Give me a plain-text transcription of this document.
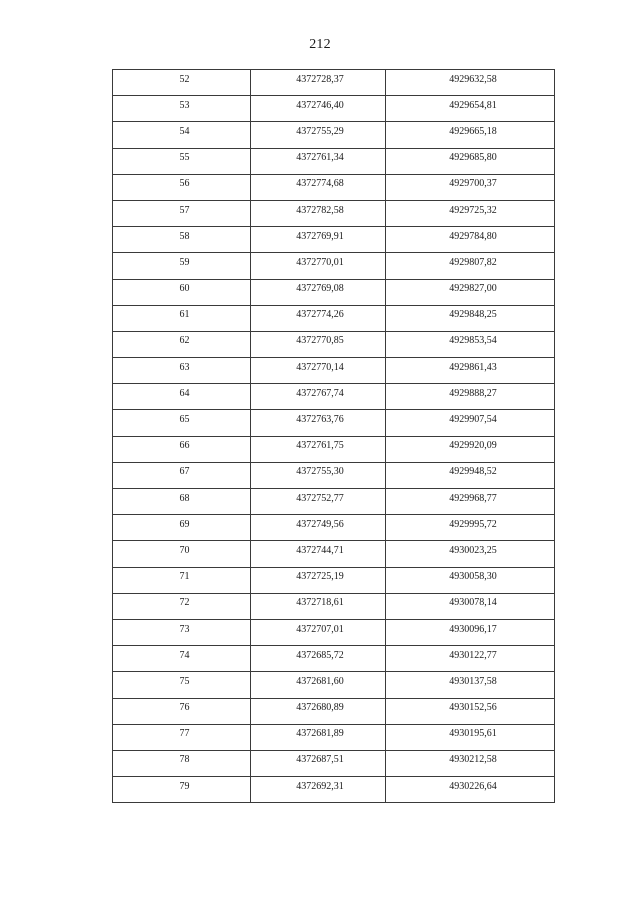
212
52	4372728,37	4929632,58
53	4372746,40	4929654,81
54	4372755,29	4929665,18
55	4372761,34	4929685,80
56	4372774,68	4929700,37
57	4372782,58	4929725,32
58	4372769,91	4929784,80
59	4372770,01	4929807,82
60	4372769,08	4929827,00
61	4372774,26	4929848,25
62	4372770,85	4929853,54
63	4372770,14	4929861,43
64	4372767,74	4929888,27
65	4372763,76	4929907,54
66	4372761,75	4929920,09
67	4372755,30	4929948,52
68	4372752,77	4929968,77
69	4372749,56	4929995,72
70	4372744,71	4930023,25
71	4372725,19	4930058,30
72	4372718,61	4930078,14
73	4372707,01	4930096,17
74	4372685,72	4930122,77
75	4372681,60	4930137,58
76	4372680,89	4930152,56
77	4372681,89	4930195,61
78	4372687,51	4930212,58
79	4372692,31	4930226,64
